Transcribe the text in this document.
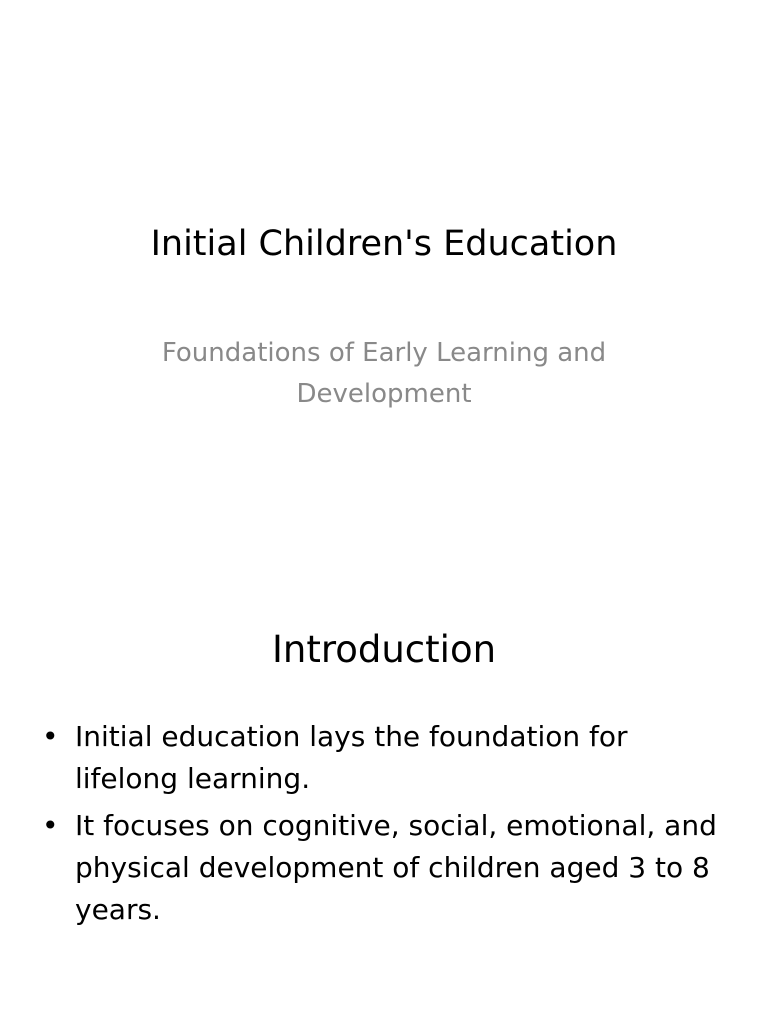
Initial Children's Education

Foundations of Early Learning and Development

Introduction
• Initial education lays the foundation for lifelong learning.
• It focuses on cognitive, social, emotional, and physical development of children aged 3 to 8 years.
